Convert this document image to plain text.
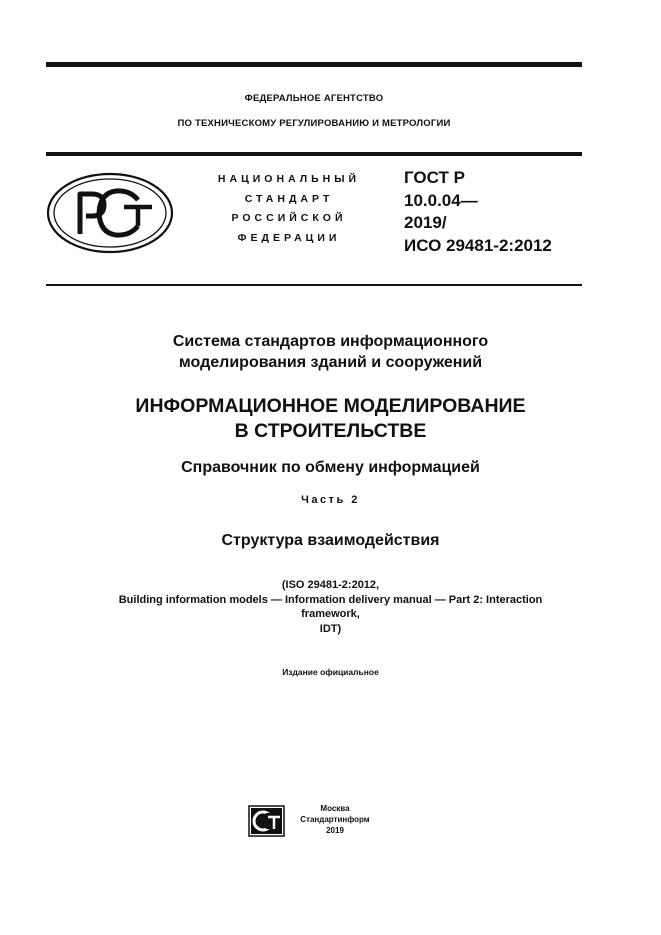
ФЕДЕРАЛЬНОЕ АГЕНТСТВО
ПО ТЕХНИЧЕСКОМУ РЕГУЛИРОВАНИЮ И МЕТРОЛОГИИ
НАЦИОНАЛЬНЫЙ
СТАНДАРТ
РОССИЙСКОЙ
ФЕДЕРАЦИИ
ГОСТ Р
10.0.04—
2019/
ИСО 29481-2:2012
Система стандартов информационного
моделирования зданий и сооружений
ИНФОРМАЦИОННОЕ МОДЕЛИРОВАНИЕ
В СТРОИТЕЛЬСТВЕ
Справочник по обмену информацией
Часть 2
Структура взаимодействия
(ISO 29481-2:2012,
Building information models — Information delivery manual — Part 2: Interaction
framework,
IDT)
Издание официальное
Москва
Стандартинформ
2019
